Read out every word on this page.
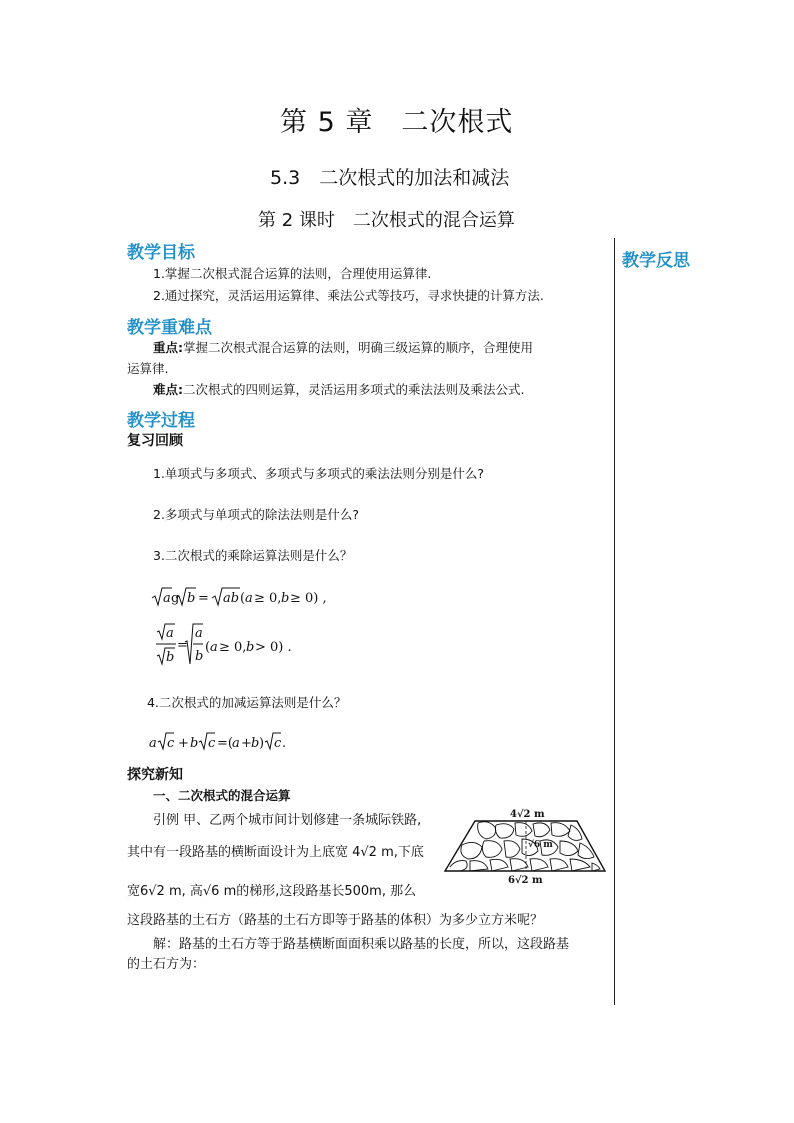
第 5 章　二次根式
5.3　二次根式的加法和减法
第 2 课时　二次根式的混合运算
教学反思
教学目标
1.掌握二次根式混合运算的法则，合理使用运算律.
2.通过探究，灵活运用运算律、乘法公式等技巧，寻求快捷的计算方法.
教学重难点
重点:掌握二次根式混合运算的法则，明确三级运算的顺序，合理使用
运算律.
难点:二次根式的四则运算，灵活运用多项式的乘法法则及乘法公式.
教学过程
复习回顾
1.单项式与多项式、多项式与多项式的乘法法则分别是什么?
2.多项式与单项式的除法法则是什么?
3.二次根式的乘除运算法则是什么？
a g b = ab ( a ≥ 0, b ≥ 0) ,
a
b
=
a
b
( a ≥ 0, b > 0) .
4.二次根式的加减运算法则是什么？
a c + b c =( a + b ) c .
探究新知
一、二次根式的混合运算
引例 甲、乙两个城市间计划修建一条城际铁路,
其中有一段路基的横断面设计为上底宽 4√2 m,下底
宽6√2 m, 高√6 m的梯形,这段路基长500m, 那么
这段路基的土石方（路基的土石方即等于路基的体积）为多少立方米呢？
解：路基的土石方等于路基横断面面积乘以路基的长度，所以，这段路基
的土石方为：
4√2 m
√6 m
6√2 m
